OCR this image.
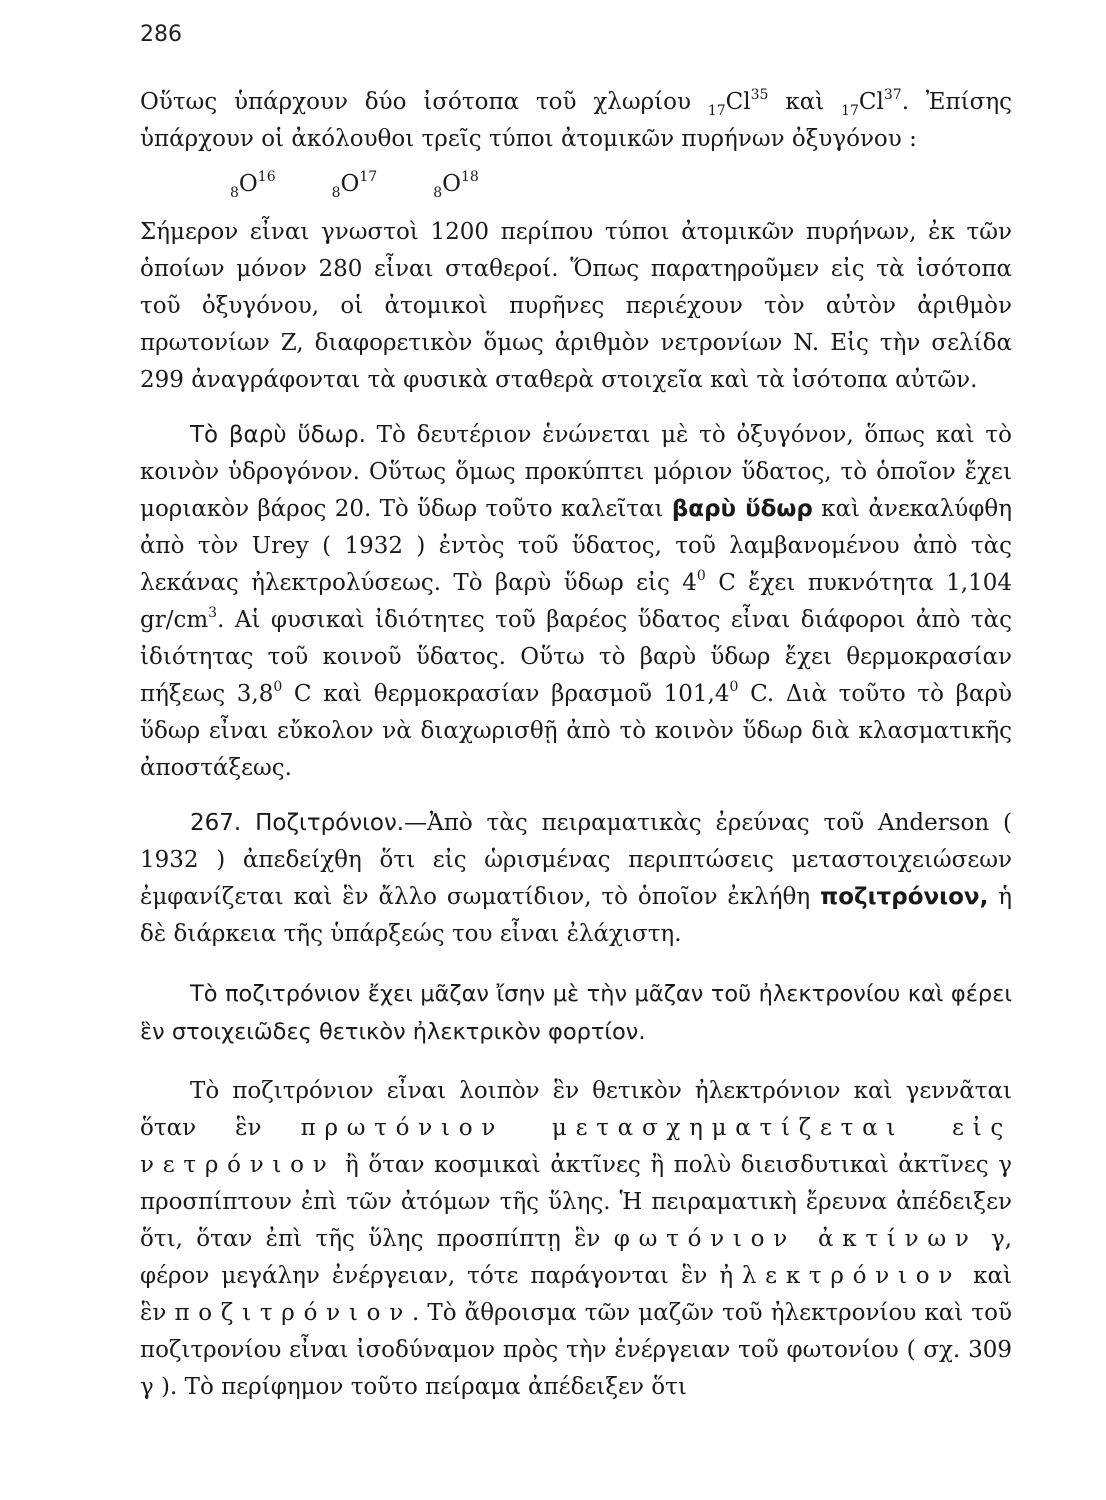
286

Οὕτως ὑπάρχουν δύο ἰσότοπα τοῦ χλωρίου $_{17}Cl^{35}$ καὶ $_{17}Cl^{37}$. Ἐπίσης ὑπάρχουν οἱ ἀκόλουθοι τρεῖς τύποι ἀτομικῶν πυρήνων ὀξυγόνου :

$_8O^{16}$
$_8O^{17}$
$_8O^{18}$

Σήμερον εἶναι γνωστοὶ 1200 περίπου τύποι ἀτομικῶν πυρήνων, ἐκ τῶν ὁποίων μόνον 280 εἶναι σταθεροί. Ὅπως παρατηροῦμεν εἰς τὰ ἰσότοπα τοῦ ὀξυγόνου, οἱ ἀτομικοὶ πυρῆνες περιέχουν τὸν αὐτὸν ἀριθμὸν πρωτονίων Z, διαφορετικὸν ὅμως ἀριθμὸν νετρονίων N. Εἰς τὴν σελίδα 299 ἀναγράφονται τὰ φυσικὰ σταθερὰ στοιχεῖα καὶ τὰ ἰσότοπα αὐτῶν.

Τὸ βαρὺ ὕδωρ. Τὸ δευτέριον ἑνώνεται μὲ τὸ ὀξυγόνον, ὅπως καὶ τὸ κοινὸν ὑδρογόνον. Οὕτως ὅμως προκύπτει μόριον ὕδατος, τὸ ὁποῖον ἔχει μοριακὸν βάρος 20. Τὸ ὕδωρ τοῦτο καλεῖται βαρὺ ὕδωρ καὶ ἀνεκαλύφθη ἀπὸ τὸν Urey ( 1932 ) ἐντὸς τοῦ ὕδατος, τοῦ λαμβανομένου ἀπὸ τὰς λεκάνας ἠλεκτρολύσεως. Τὸ βαρὺ ὕδωρ εἰς $4^0$ C ἔχει πυκνότητα 1,104 $gr/cm^3$. Αἱ φυσικαὶ ἰδιότητες τοῦ βαρέος ὕδατος εἶναι διάφοροι ἀπὸ τὰς ἰδιότητας τοῦ κοινοῦ ὕδατος. Οὕτω τὸ βαρὺ ὕδωρ ἔχει θερμοκρασίαν πήξεως $3,8^0$ C καὶ θερμοκρασίαν βρασμοῦ 101,4$^0$ C. Διὰ τοῦτο τὸ βαρὺ ὕδωρ εἶναι εὔκολον νὰ διαχωρισθῇ ἀπὸ τὸ κοινὸν ὕδωρ διὰ κλασματικῆς ἀποστάξεως.

267. Ποζιτρόνιον.—Ἀπὸ τὰς πειραματικὰς ἐρεύνας τοῦ Anderson ( 1932 ) ἀπεδείχθη ὅτι εἰς ὡρισμένας περιπτώσεις μεταστοιχειώσεων ἐμφανίζεται καὶ ἓν ἄλλο σωματίδιον, τὸ ὁποῖον ἐκλήθη ποζιτρόνιον, ἡ δὲ διάρκεια τῆς ὑπάρξεώς του εἶναι ἐλάχιστη.

Τὸ ποζιτρόνιον ἔχει μᾶζαν ἴσην μὲ τὴν μᾶζαν τοῦ ἠλεκτρονίου καὶ φέρει ἓν στοιχειῶδες θετικὸν ἠλεκτρικὸν φορτίον.

Τὸ ποζιτρόνιον εἶναι λοιπὸν ἓν θετικὸν ἠλεκτρόνιον καὶ γεννᾶται ὅταν ἓν πρωτόνιον μετασχηματίζεται εἰς νετρόνιον ἢ ὅταν κοσμικαὶ ἀκτῖνες ἢ πολὺ διεισδυτικαὶ ἀκτῖνες γ προσπίπτουν ἐπὶ τῶν ἀτόμων τῆς ὕλης. Ἡ πειραματικὴ ἔρευνα ἀπέδειξεν ὅτι, ὅταν ἐπὶ τῆς ὕλης προσπίπτῃ ἓν φωτόνιον ἀκτίνων γ, φέρον μεγάλην ἐνέργειαν, τότε παράγονται ἓν ἠλεκτρόνιον καὶ ἓν ποζιτρόνιον. Τὸ ἄθροισμα τῶν μαζῶν τοῦ ἠλεκτρονίου καὶ τοῦ ποζιτρονίου εἶναι ἰσοδύναμον πρὸς τὴν ἐνέργειαν τοῦ φωτονίου ( σχ. 309 γ ). Τὸ περίφημον τοῦτο πείραμα ἀπέδειξεν ὅτι
